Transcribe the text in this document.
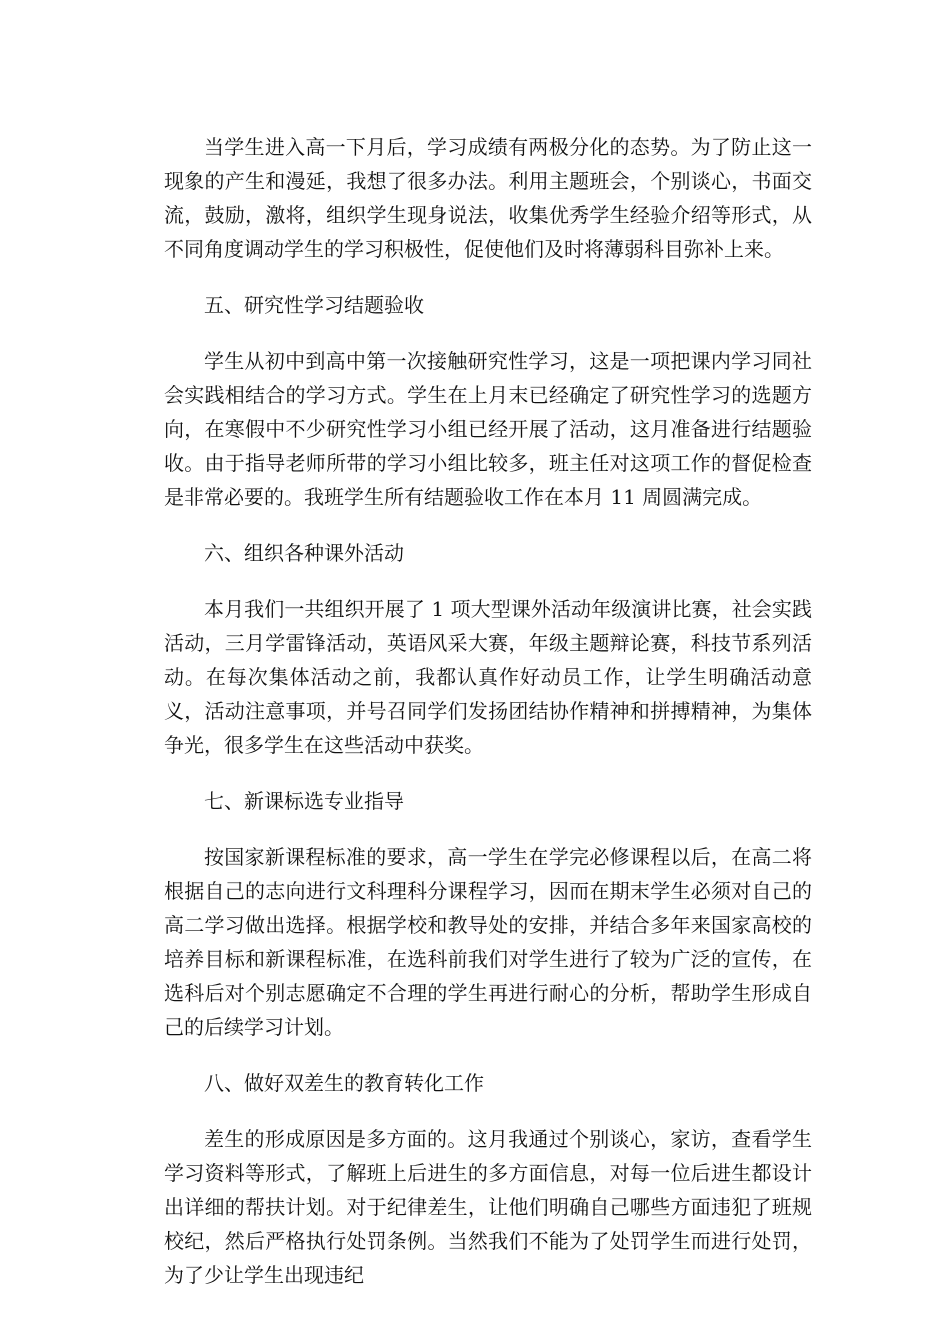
当学生进入高一下月后，学习成绩有两极分化的态势。为了防止这一现象的产生和漫延，我想了很多办法。利用主题班会，个别谈心，书面交流，鼓励，激将，组织学生现身说法，收集优秀学生经验介绍等形式，从不同角度调动学生的学习积极性，促使他们及时将薄弱科目弥补上来。

五、研究性学习结题验收

学生从初中到高中第一次接触研究性学习，这是一项把课内学习同社会实践相结合的学习方式。学生在上月末已经确定了研究性学习的选题方向，在寒假中不少研究性学习小组已经开展了活动，这月准备进行结题验收。由于指导老师所带的学习小组比较多，班主任对这项工作的督促检查是非常必要的。我班学生所有结题验收工作在本月 11 周圆满完成。

六、组织各种课外活动

本月我们一共组织开展了 1 项大型课外活动年级演讲比赛，社会实践活动，三月学雷锋活动，英语风采大赛，年级主题辩论赛，科技节系列活动。在每次集体活动之前，我都认真作好动员工作，让学生明确活动意义，活动注意事项，并号召同学们发扬团结协作精神和拼搏精神，为集体争光，很多学生在这些活动中获奖。

七、新课标选专业指导

按国家新课程标准的要求，高一学生在学完必修课程以后，在高二将根据自己的志向进行文科理科分课程学习，因而在期末学生必须对自己的高二学习做出选择。根据学校和教导处的安排，并结合多年来国家高校的培养目标和新课程标准，在选科前我们对学生进行了较为广泛的宣传，在选科后对个别志愿确定不合理的学生再进行耐心的分析，帮助学生形成自己的后续学习计划。

八、做好双差生的教育转化工作

差生的形成原因是多方面的。这月我通过个别谈心，家访，查看学生学习资料等形式，了解班上后进生的多方面信息，对每一位后进生都设计出详细的帮扶计划。对于纪律差生，让他们明确自己哪些方面违犯了班规校纪，然后严格执行处罚条例。当然我们不能为了处罚学生而进行处罚，为了少让学生出现违纪
